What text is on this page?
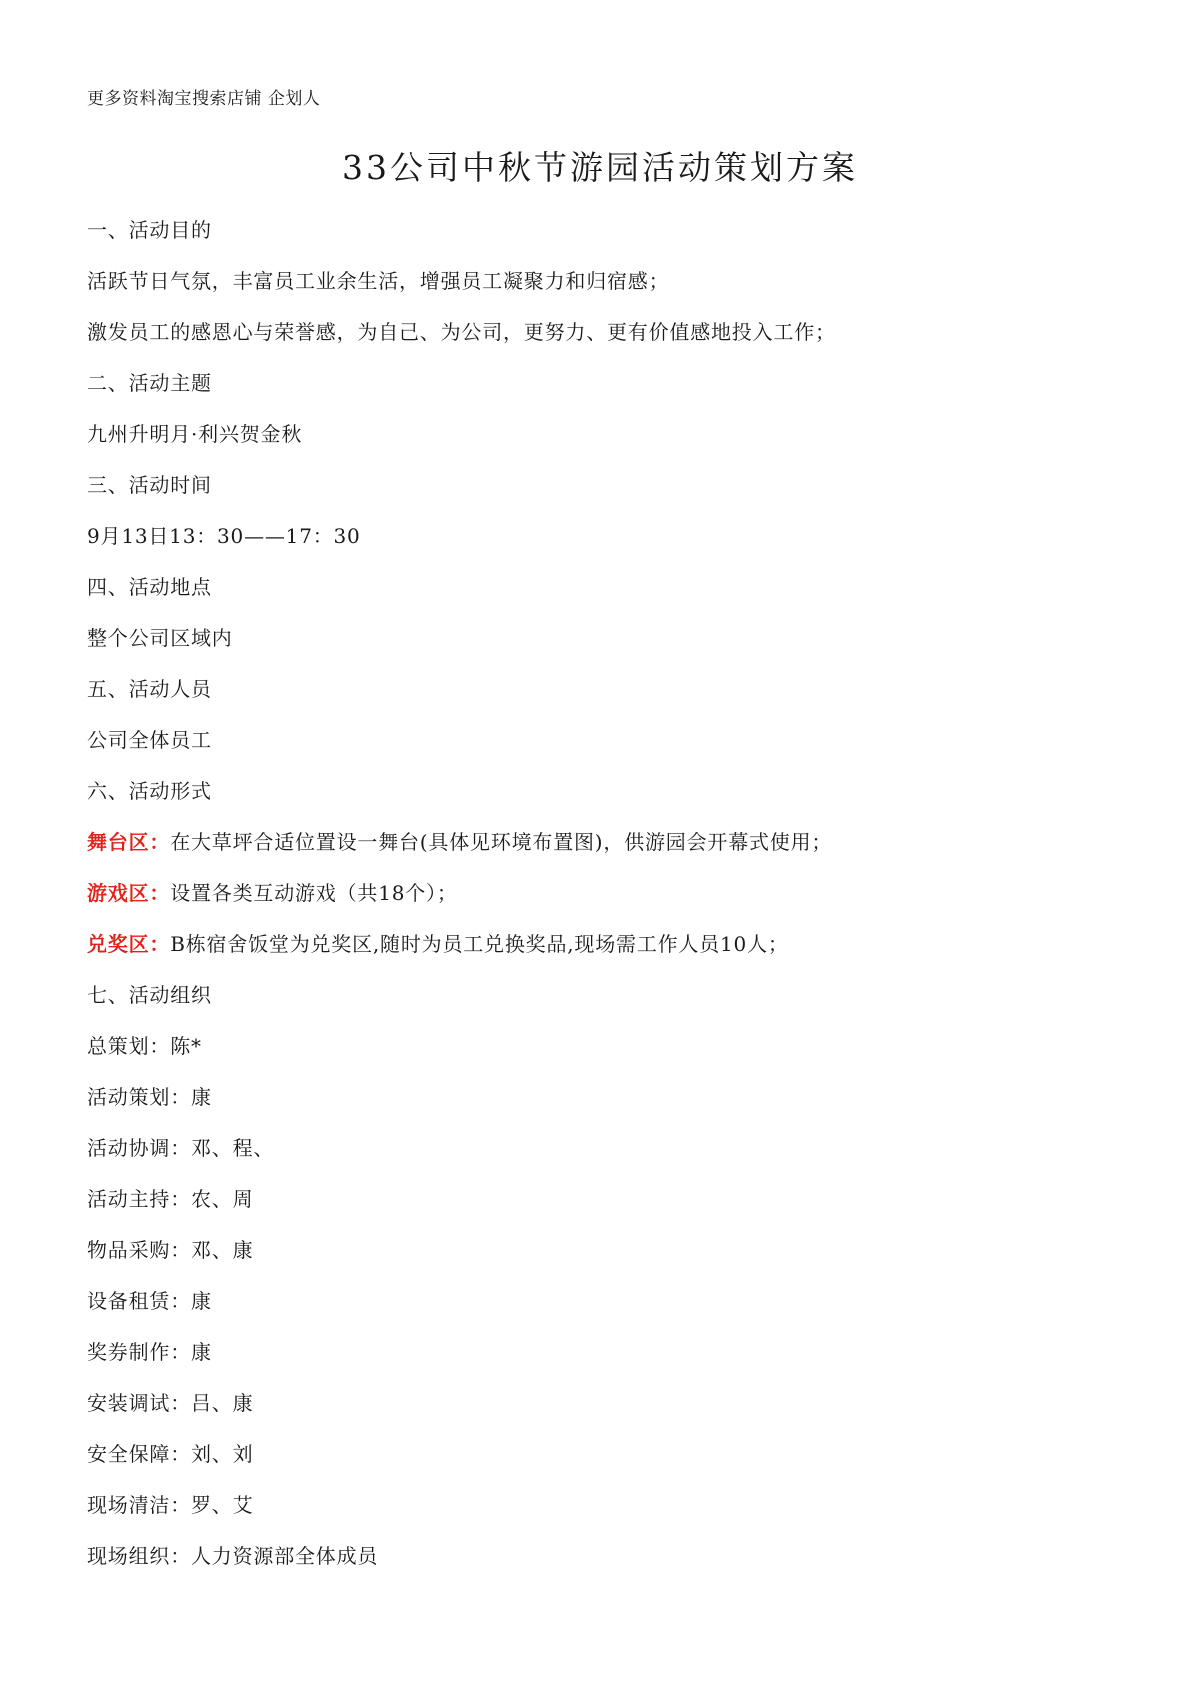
更多资料淘宝搜索店铺 企划人
33公司中秋节游园活动策划方案
一、活动目的
活跃节日气氛，丰富员工业余生活，增强员工凝聚力和归宿感；
激发员工的感恩心与荣誉感，为自己、为公司，更努力、更有价值感地投入工作；
二、活动主题
九州升明月·利兴贺金秋
三、活动时间
9月13日13：30——17：30
四、活动地点
整个公司区域内
五、活动人员
公司全体员工
六、活动形式
舞台区：在大草坪合适位置设一舞台(具体见环境布置图)，供游园会开幕式使用；
游戏区：设置各类互动游戏（共18个）；
兑奖区：B栋宿舍饭堂为兑奖区,随时为员工兑换奖品,现场需工作人员10人；
七、活动组织
总策划：陈*
活动策划：康
活动协调：邓、程、
活动主持：农、周
物品采购：邓、康
设备租赁：康
奖券制作：康
安装调试：吕、康
安全保障：刘、刘
现场清洁：罗、艾
现场组织：人力资源部全体成员
